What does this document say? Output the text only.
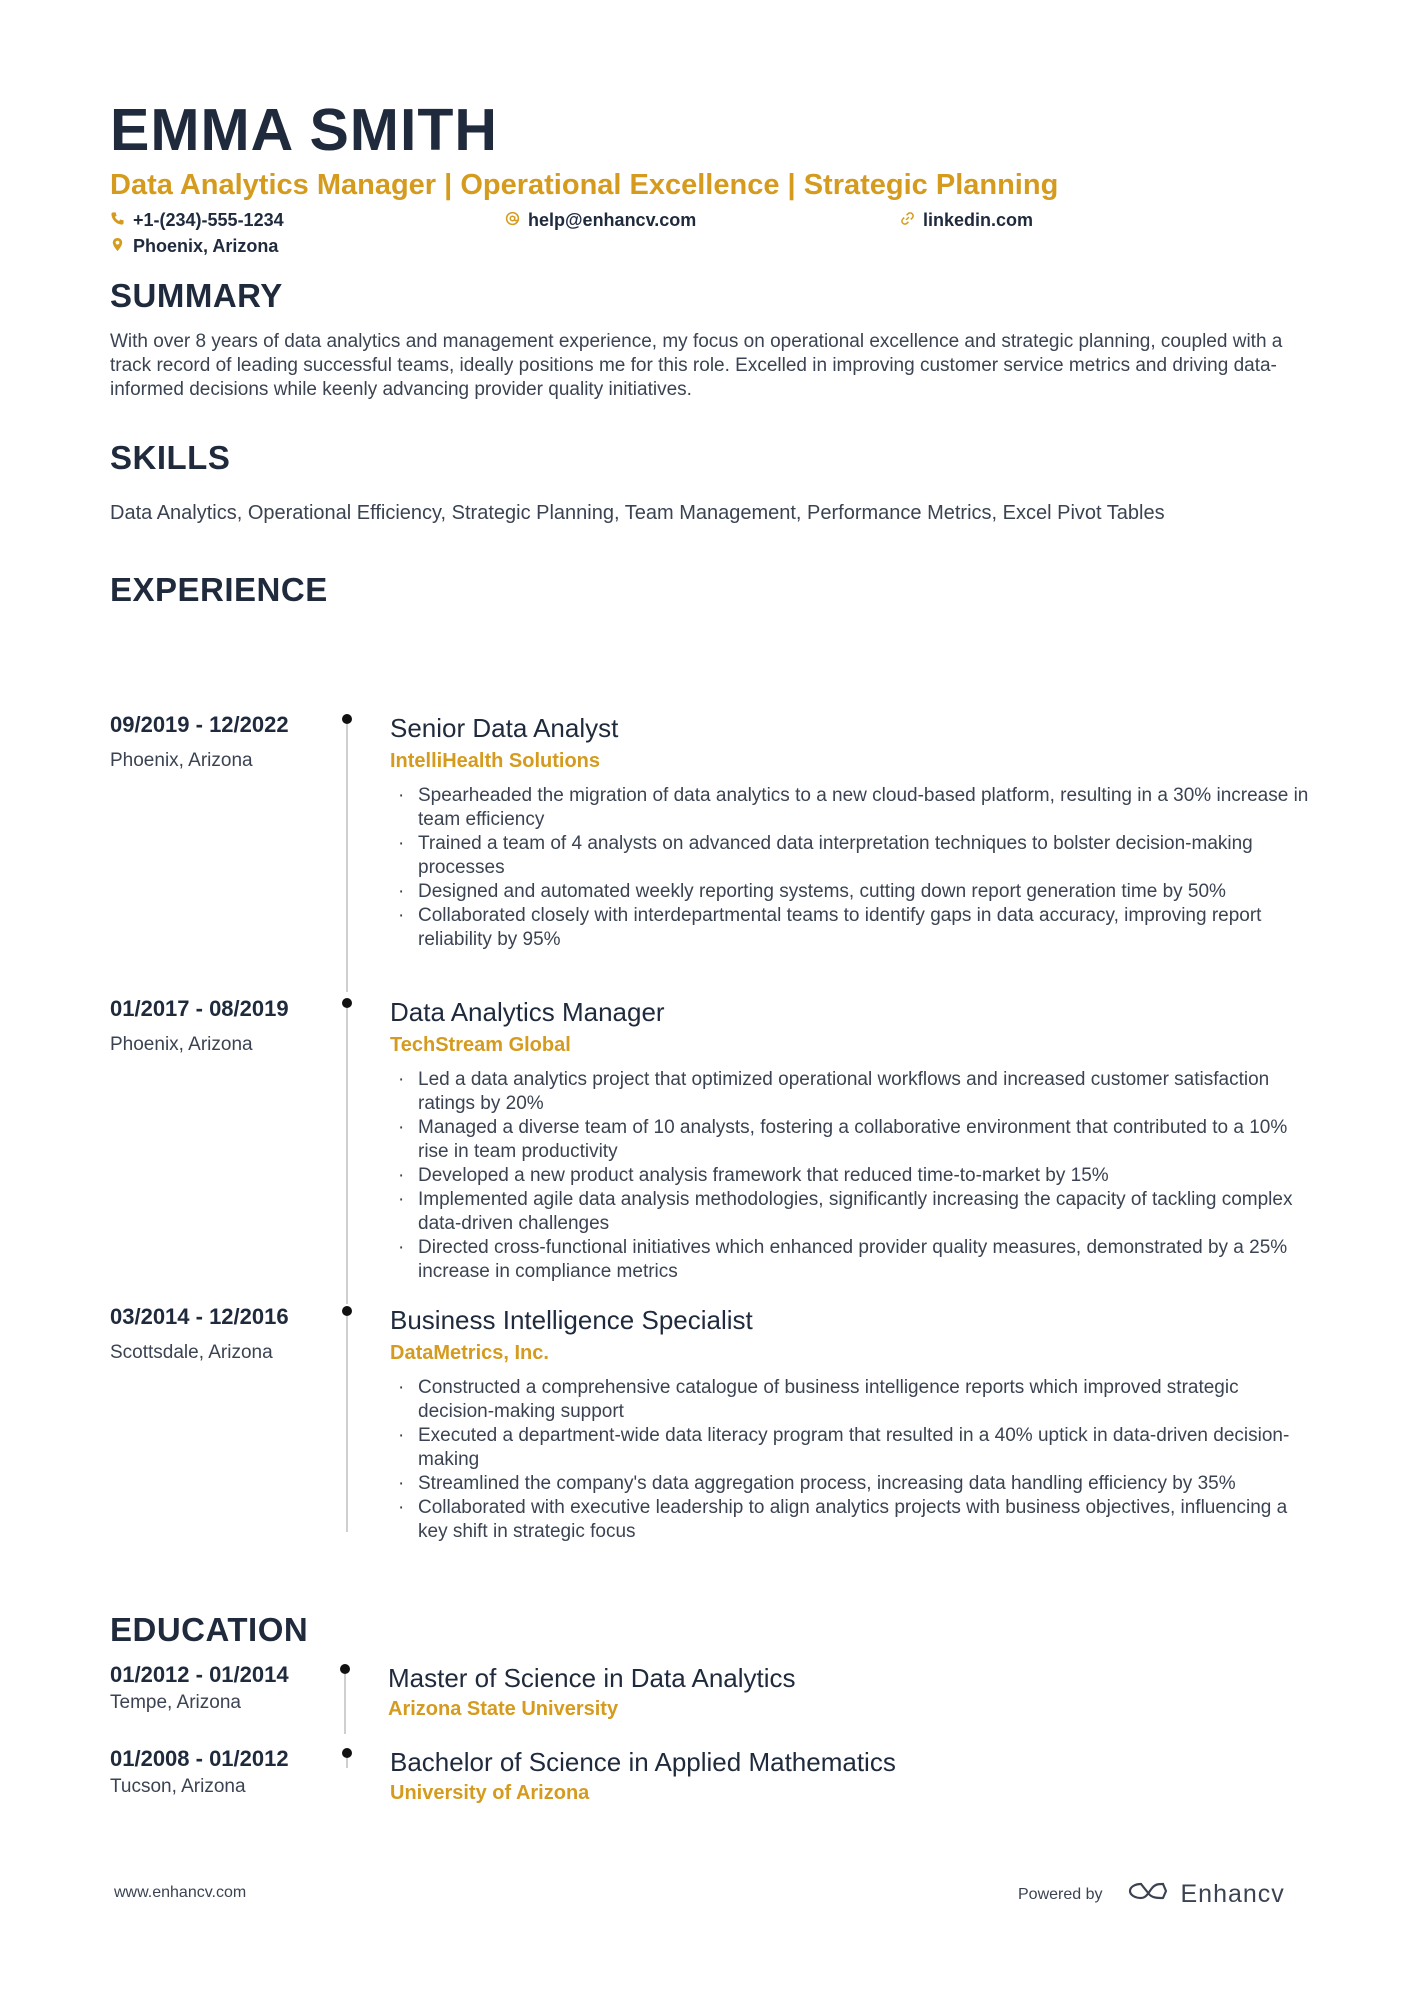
EMMA SMITH
Data Analytics Manager | Operational Excellence | Strategic Planning
+1-(234)-555-1234	help@enhancv.com	linkedin.com
Phoenix, Arizona
SUMMARY

With over 8 years of data analytics and management experience, my focus on operational excellence and strategic planning, coupled with a track record of leading successful teams, ideally positions me for this role. Excelled in improving customer service metrics and driving data-informed decisions while keenly advancing provider quality initiatives.

SKILLS

Data Analytics, Operational Efficiency, Strategic Planning, Team Management, Performance Metrics, Excel Pivot Tables

EXPERIENCE
09/2019 - 12/2022
Phoenix, Arizona
Senior Data Analyst
IntelliHealth Solutions
· Spearheaded the migration of data analytics to a new cloud-based platform, resulting in a 30% increase in team efficiency
· Trained a team of 4 analysts on advanced data interpretation techniques to bolster decision-making processes
· Designed and automated weekly reporting systems, cutting down report generation time by 50%
· Collaborated closely with interdepartmental teams to identify gaps in data accuracy, improving report reliability by 95%
01/2017 - 08/2019
Phoenix, Arizona
Data Analytics Manager
TechStream Global
· Led a data analytics project that optimized operational workflows and increased customer satisfaction ratings by 20%
· Managed a diverse team of 10 analysts, fostering a collaborative environment that contributed to a 10% rise in team productivity
· Developed a new product analysis framework that reduced time-to-market by 15%
· Implemented agile data analysis methodologies, significantly increasing the capacity of tackling complex data-driven challenges
· Directed cross-functional initiatives which enhanced provider quality measures, demonstrated by a 25% increase in compliance metrics
03/2014 - 12/2016
Scottsdale, Arizona
Business Intelligence Specialist
DataMetrics, Inc.
· Constructed a comprehensive catalogue of business intelligence reports which improved strategic decision-making support
· Executed a department-wide data literacy program that resulted in a 40% uptick in data-driven decision-making
· Streamlined the company's data aggregation process, increasing data handling efficiency by 35%
· Collaborated with executive leadership to align analytics projects with business objectives, influencing a key shift in strategic focus
EDUCATION
01/2012 - 01/2014
Tempe, Arizona
Master of Science in Data Analytics
Arizona State University
01/2008 - 01/2012
Tucson, Arizona
Bachelor of Science in Applied Mathematics
University of Arizona
www.enhancv.com	Powered by	Enhancv
